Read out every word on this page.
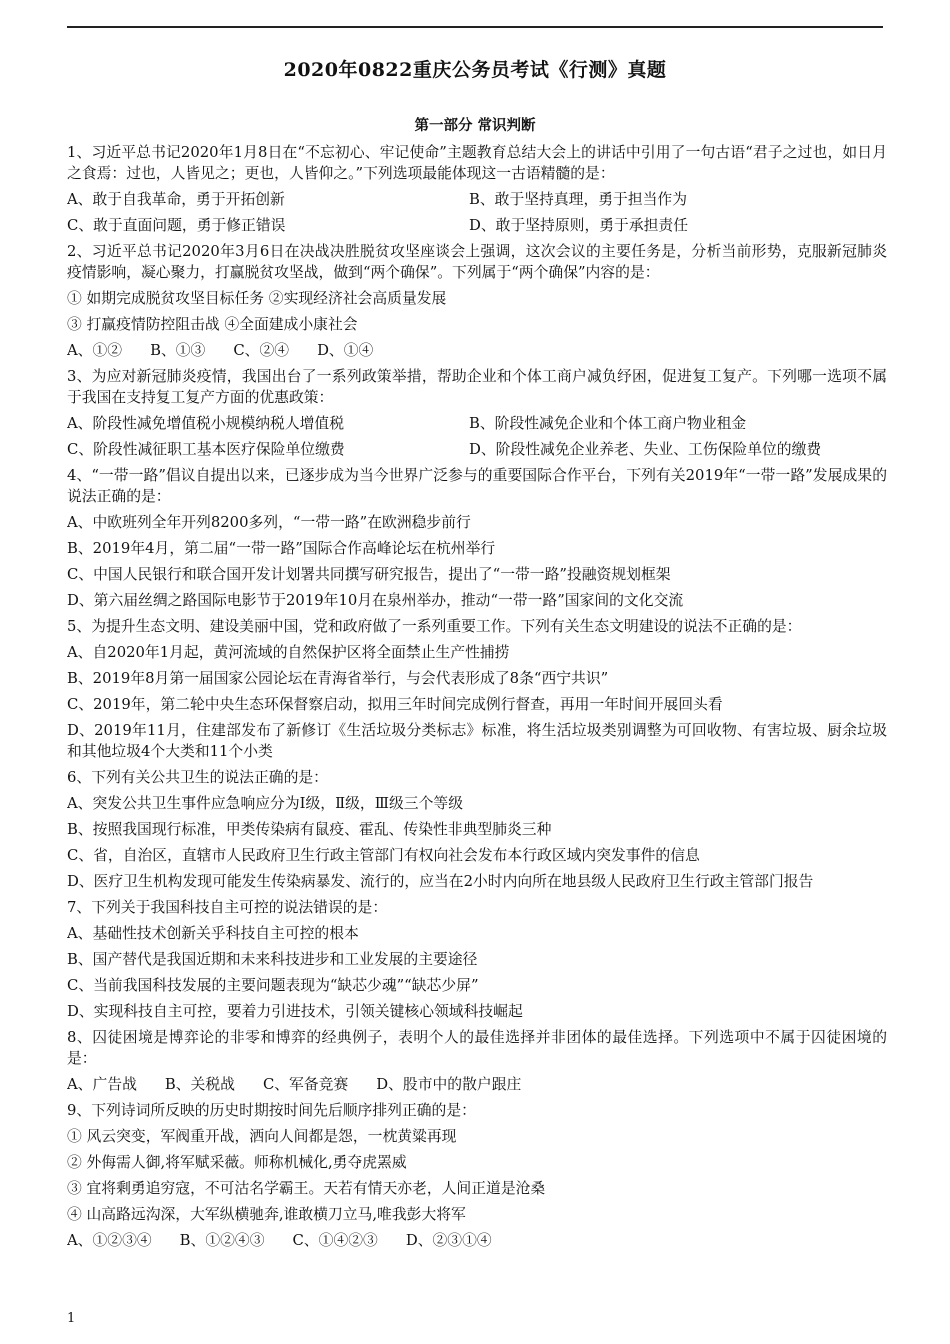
2020年0822重庆公务员考试《行测》真题
第一部分 常识判断
1、习近平总书记2020年1月8日在“不忘初心、牢记使命”主题教育总结大会上的讲话中引用了一句古语“君子之过也，如日月之食焉：过也，人皆见之；更也，人皆仰之。”下列选项最能体现这一古语精髓的是：
A、敢于自我革命，勇于开拓创新	B、敢于坚持真理，勇于担当作为
C、敢于直面问题，勇于修正错误	D、敢于坚持原则，勇于承担责任
2、习近平总书记2020年3月6日在决战决胜脱贫攻坚座谈会上强调，这次会议的主要任务是，分析当前形势，克服新冠肺炎疫情影响，凝心聚力，打赢脱贫攻坚战，做到“两个确保”。下列属于“两个确保”内容的是：
① 如期完成脱贫攻坚目标任务 ②实现经济社会高质量发展
③ 打赢疫情防控阻击战 ④全面建成小康社会
A、①② B、①③ C、②④ D、①④
3、为应对新冠肺炎疫情，我国出台了一系列政策举措，帮助企业和个体工商户减负纾困，促进复工复产。下列哪一选项不属于我国在支持复工复产方面的优惠政策：
A、阶段性减免增值税小规模纳税人增值税	B、阶段性减免企业和个体工商户物业租金
C、阶段性减征职工基本医疗保险单位缴费	D、阶段性减免企业养老、失业、工伤保险单位的缴费
4、“一带一路”倡议自提出以来，已逐步成为当今世界广泛参与的重要国际合作平台，下列有关2019年“一带一路”发展成果的说法正确的是：
A、中欧班列全年开列8200多列，“一带一路”在欧洲稳步前行
B、2019年4月，第二届“一带一路”国际合作高峰论坛在杭州举行
C、中国人民银行和联合国开发计划署共同撰写研究报告，提出了“一带一路”投融资规划框架
D、第六届丝绸之路国际电影节于2019年10月在泉州举办，推动“一带一路”国家间的文化交流
5、为提升生态文明、建设美丽中国，党和政府做了一系列重要工作。下列有关生态文明建设的说法不正确的是：
A、自2020年1月起，黄河流域的自然保护区将全面禁止生产性捕捞
B、2019年8月第一届国家公园论坛在青海省举行，与会代表形成了8条“西宁共识”
C、2019年，第二轮中央生态环保督察启动，拟用三年时间完成例行督查，再用一年时间开展回头看
D、2019年11月，住建部发布了新修订《生活垃圾分类标志》标准，将生活垃圾类别调整为可回收物、有害垃圾、厨余垃圾和其他垃圾4个大类和11个小类
6、下列有关公共卫生的说法正确的是：
A、突发公共卫生事件应急响应分为Ⅰ级，Ⅱ级，Ⅲ级三个等级
B、按照我国现行标准，甲类传染病有鼠疫、霍乱、传染性非典型肺炎三种
C、省，自治区，直辖市人民政府卫生行政主管部门有权向社会发布本行政区域内突发事件的信息
D、医疗卫生机构发现可能发生传染病暴发、流行的，应当在2小时内向所在地县级人民政府卫生行政主管部门报告
7、下列关于我国科技自主可控的说法错误的是：
A、基础性技术创新关乎科技自主可控的根本
B、国产替代是我国近期和未来科技进步和工业发展的主要途径
C、当前我国科技发展的主要问题表现为“缺芯少魂”“缺芯少屏”
D、实现科技自主可控，要着力引进技术，引领关键核心领域科技崛起
8、囚徒困境是博弈论的非零和博弈的经典例子，表明个人的最佳选择并非团体的最佳选择。下列选项中不属于囚徒困境的是：
A、广告战 B、关税战 C、军备竞赛 D、股市中的散户跟庄
9、下列诗词所反映的历史时期按时间先后顺序排列正确的是：
① 风云突变，军阀重开战，洒向人间都是怨，一枕黄粱再现
② 外侮需人御,将军赋采薇。师称机械化,勇夺虎罴威
③ 宜将剩勇追穷寇，不可沽名学霸王。天若有情天亦老，人间正道是沧桑
④ 山高路远沟深，大军纵横驰奔,谁敢横刀立马,唯我彭大将军
A、①②③④ B、①②④③ C、①④②③ D、②③①④
1
